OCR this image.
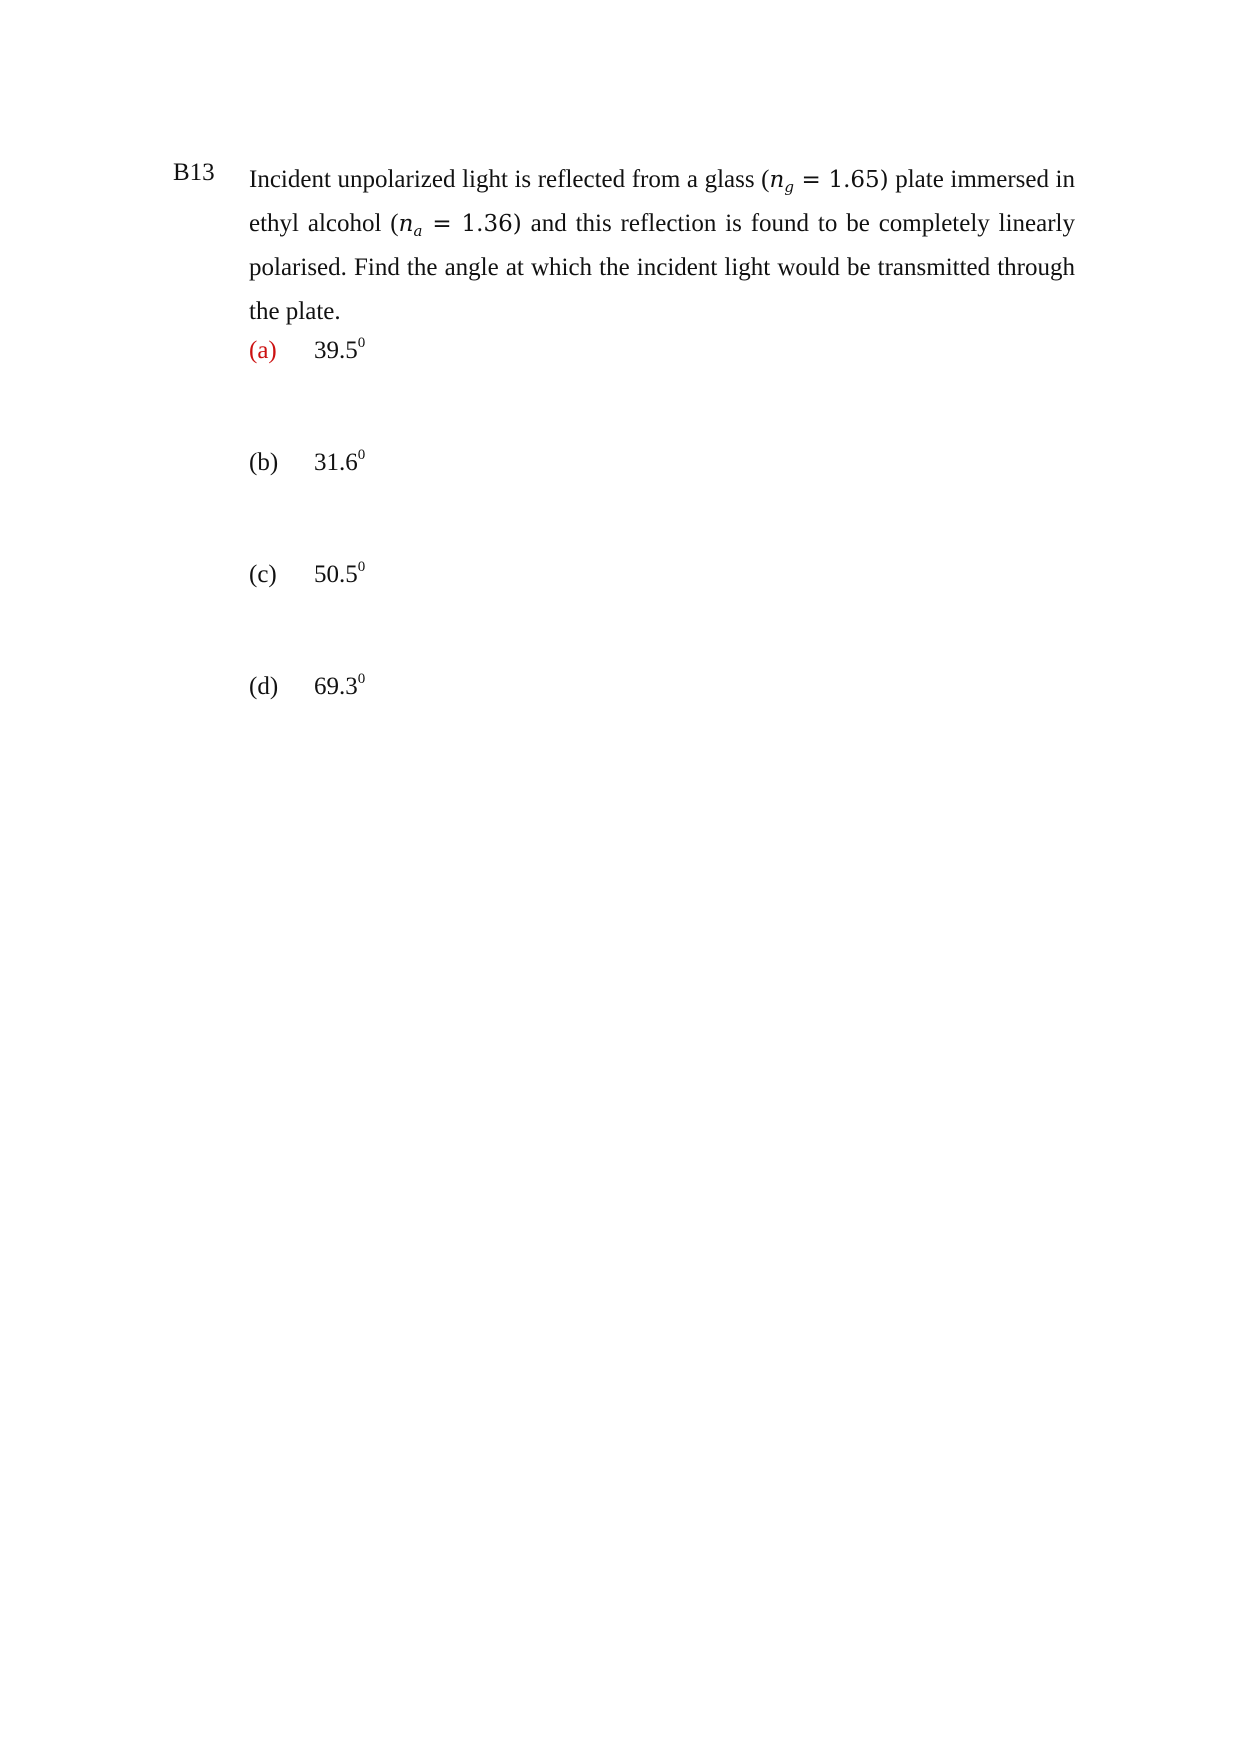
B13 Incident unpolarized light is reflected from a glass $(n_g = 1.65)$ plate immersed in
ethyl alcohol $(n_a = 1.36)$ and this reflection is found to be completely linearly
polarised. Find the angle at which the incident light would be transmitted through
the plate.
(a) 39.5$^0$
(b) 31.6$^0$
(c) 50.5$^0$
(d) 69.3$^0$
